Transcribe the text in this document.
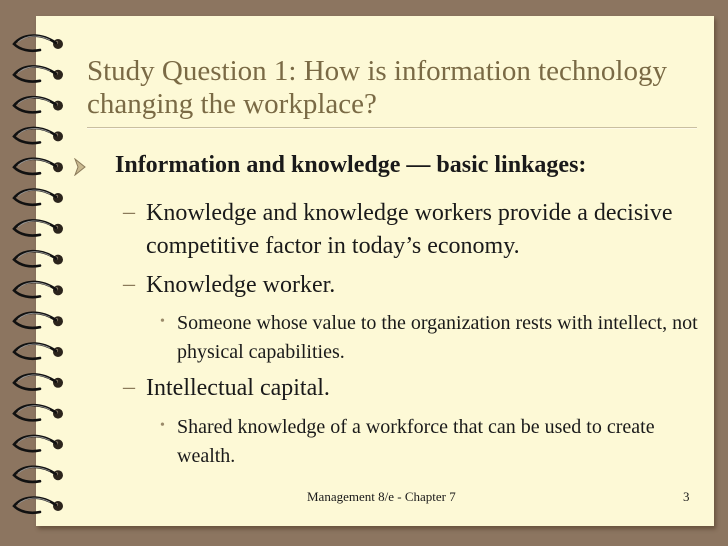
Study Question 1: How is information technology changing the workplace?
Information and knowledge — basic linkages:
– Knowledge and knowledge workers provide a decisive competitive factor in today’s economy.
– Knowledge worker.
• Someone whose value to the organization rests with intellect, not physical capabilities.
– Intellectual capital.
• Shared knowledge of a workforce that can be used to create wealth.
Management 8/e - Chapter 7	3
